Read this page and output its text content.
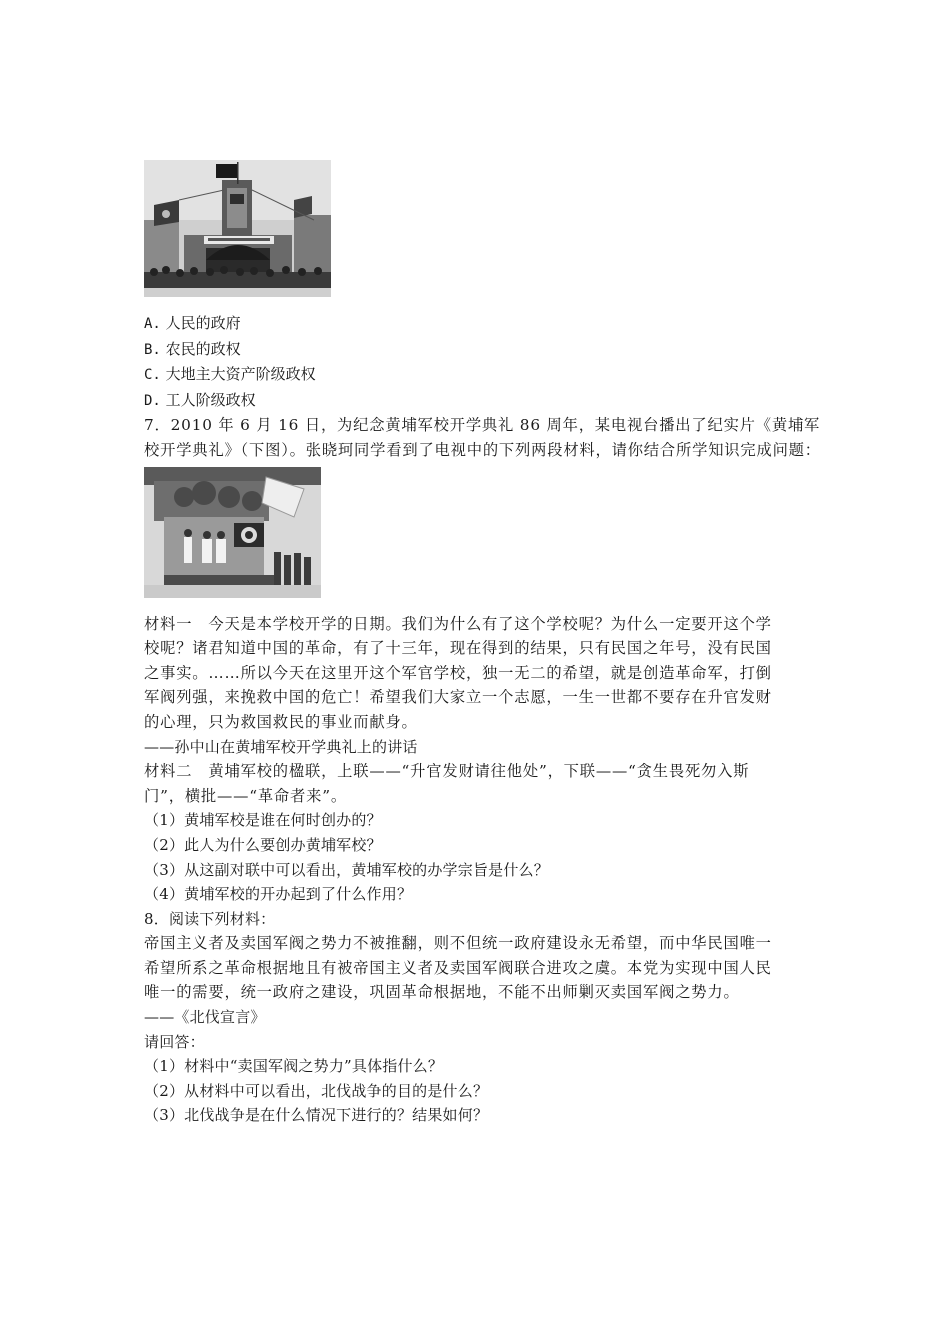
A. 人民的政府
B. 农民的政权
C. 大地主大资产阶级政权
D. 工人阶级政权
7．2010 年 6 月 16 日，为纪念黄埔军校开学典礼 86 周年，某电视台播出了纪实片《黄埔军
校开学典礼》（下图）。张晓珂同学看到了电视中的下列两段材料，请你结合所学知识完成问题：
材料一　今天是本学校开学的日期。我们为什么有了这个学校呢？为什么一定要开这个学
校呢？诸君知道中国的革命，有了十三年，现在得到的结果，只有民国之年号，没有民国
之事实。……所以今天在这里开这个军官学校，独一无二的希望，就是创造革命军，打倒
军阀列强，来挽救中国的危亡！希望我们大家立一个志愿，一生一世都不要存在升官发财
的心理，只为救国救民的事业而献身。
——孙中山在黄埔军校开学典礼上的讲话
材料二　黄埔军校的楹联，上联——“升官发财请往他处”，下联——“贪生畏死勿入斯
门”，横批——“革命者来”。
（1）黄埔军校是谁在何时创办的？
（2）此人为什么要创办黄埔军校？
（3）从这副对联中可以看出，黄埔军校的办学宗旨是什么？
（4）黄埔军校的开办起到了什么作用？
8．阅读下列材料：
帝国主义者及卖国军阀之势力不被推翻，则不但统一政府建设永无希望，而中华民国唯一
希望所系之革命根据地且有被帝国主义者及卖国军阀联合进攻之虞。本党为实现中国人民
唯一的需要，统一政府之建设，巩固革命根据地，不能不出师剿灭卖国军阀之势力。
——《北伐宣言》
请回答：
（1）材料中“卖国军阀之势力”具体指什么？
（2）从材料中可以看出，北伐战争的目的是什么？
（3）北伐战争是在什么情况下进行的？结果如何？
